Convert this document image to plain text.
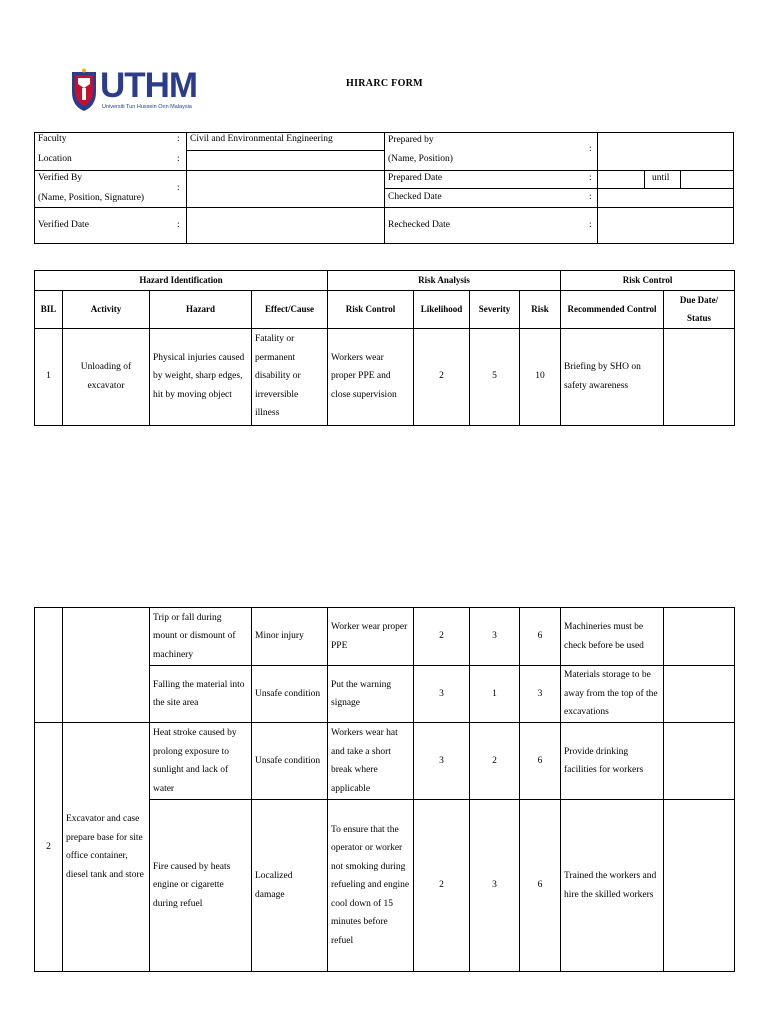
UTHM
Universiti Tun Hussein Onn Malaysia
HIRARC FORM
Faculty	: Civil and Environmental Engineering
Location	:
Verified By
(Name, Position, Signature)
:
Verified Date	:
Prepared by
(Name, Position)
:
Prepared Date	:	until
Checked Date	:
Rechecked Date	:
Hazard Identification				Risk Analysis				Risk Control	
BIL	Activity	Hazard	Effect/Cause	Risk Control	Likelihood	Severity	Risk	Recommended Control	Due Date/ Status
1	Unloading of excavator	Physical injuries caused by weight, sharp edges, hit by moving object	Fatality or permanent disability or irreversible illness	Workers wear proper PPE and close supervision	2	5	10	Briefing by SHO on safety awareness	
		Trip or fall during mount or dismount of machinery	Minor injury	Worker wear proper PPE	2	3	6	Machineries must be check before be used	
		Falling the material into the site area	Unsafe condition	Put the warning signage	3	1	3	Materials storage to be away from the top of the excavations	
2	Excavator and case prepare base for site office container, diesel tank and store	Heat stroke caused by prolong exposure to sunlight and lack of water	Unsafe condition	Workers wear hat and take a short break where applicable	3	2	6	Provide drinking facilities for workers	
		Fire caused by heats engine or cigarette during refuel	Localized damage	To ensure that the operator or worker not smoking during refueling and engine cool down of 15 minutes before refuel	2	3	6	Trained the workers and hire the skilled workers	
